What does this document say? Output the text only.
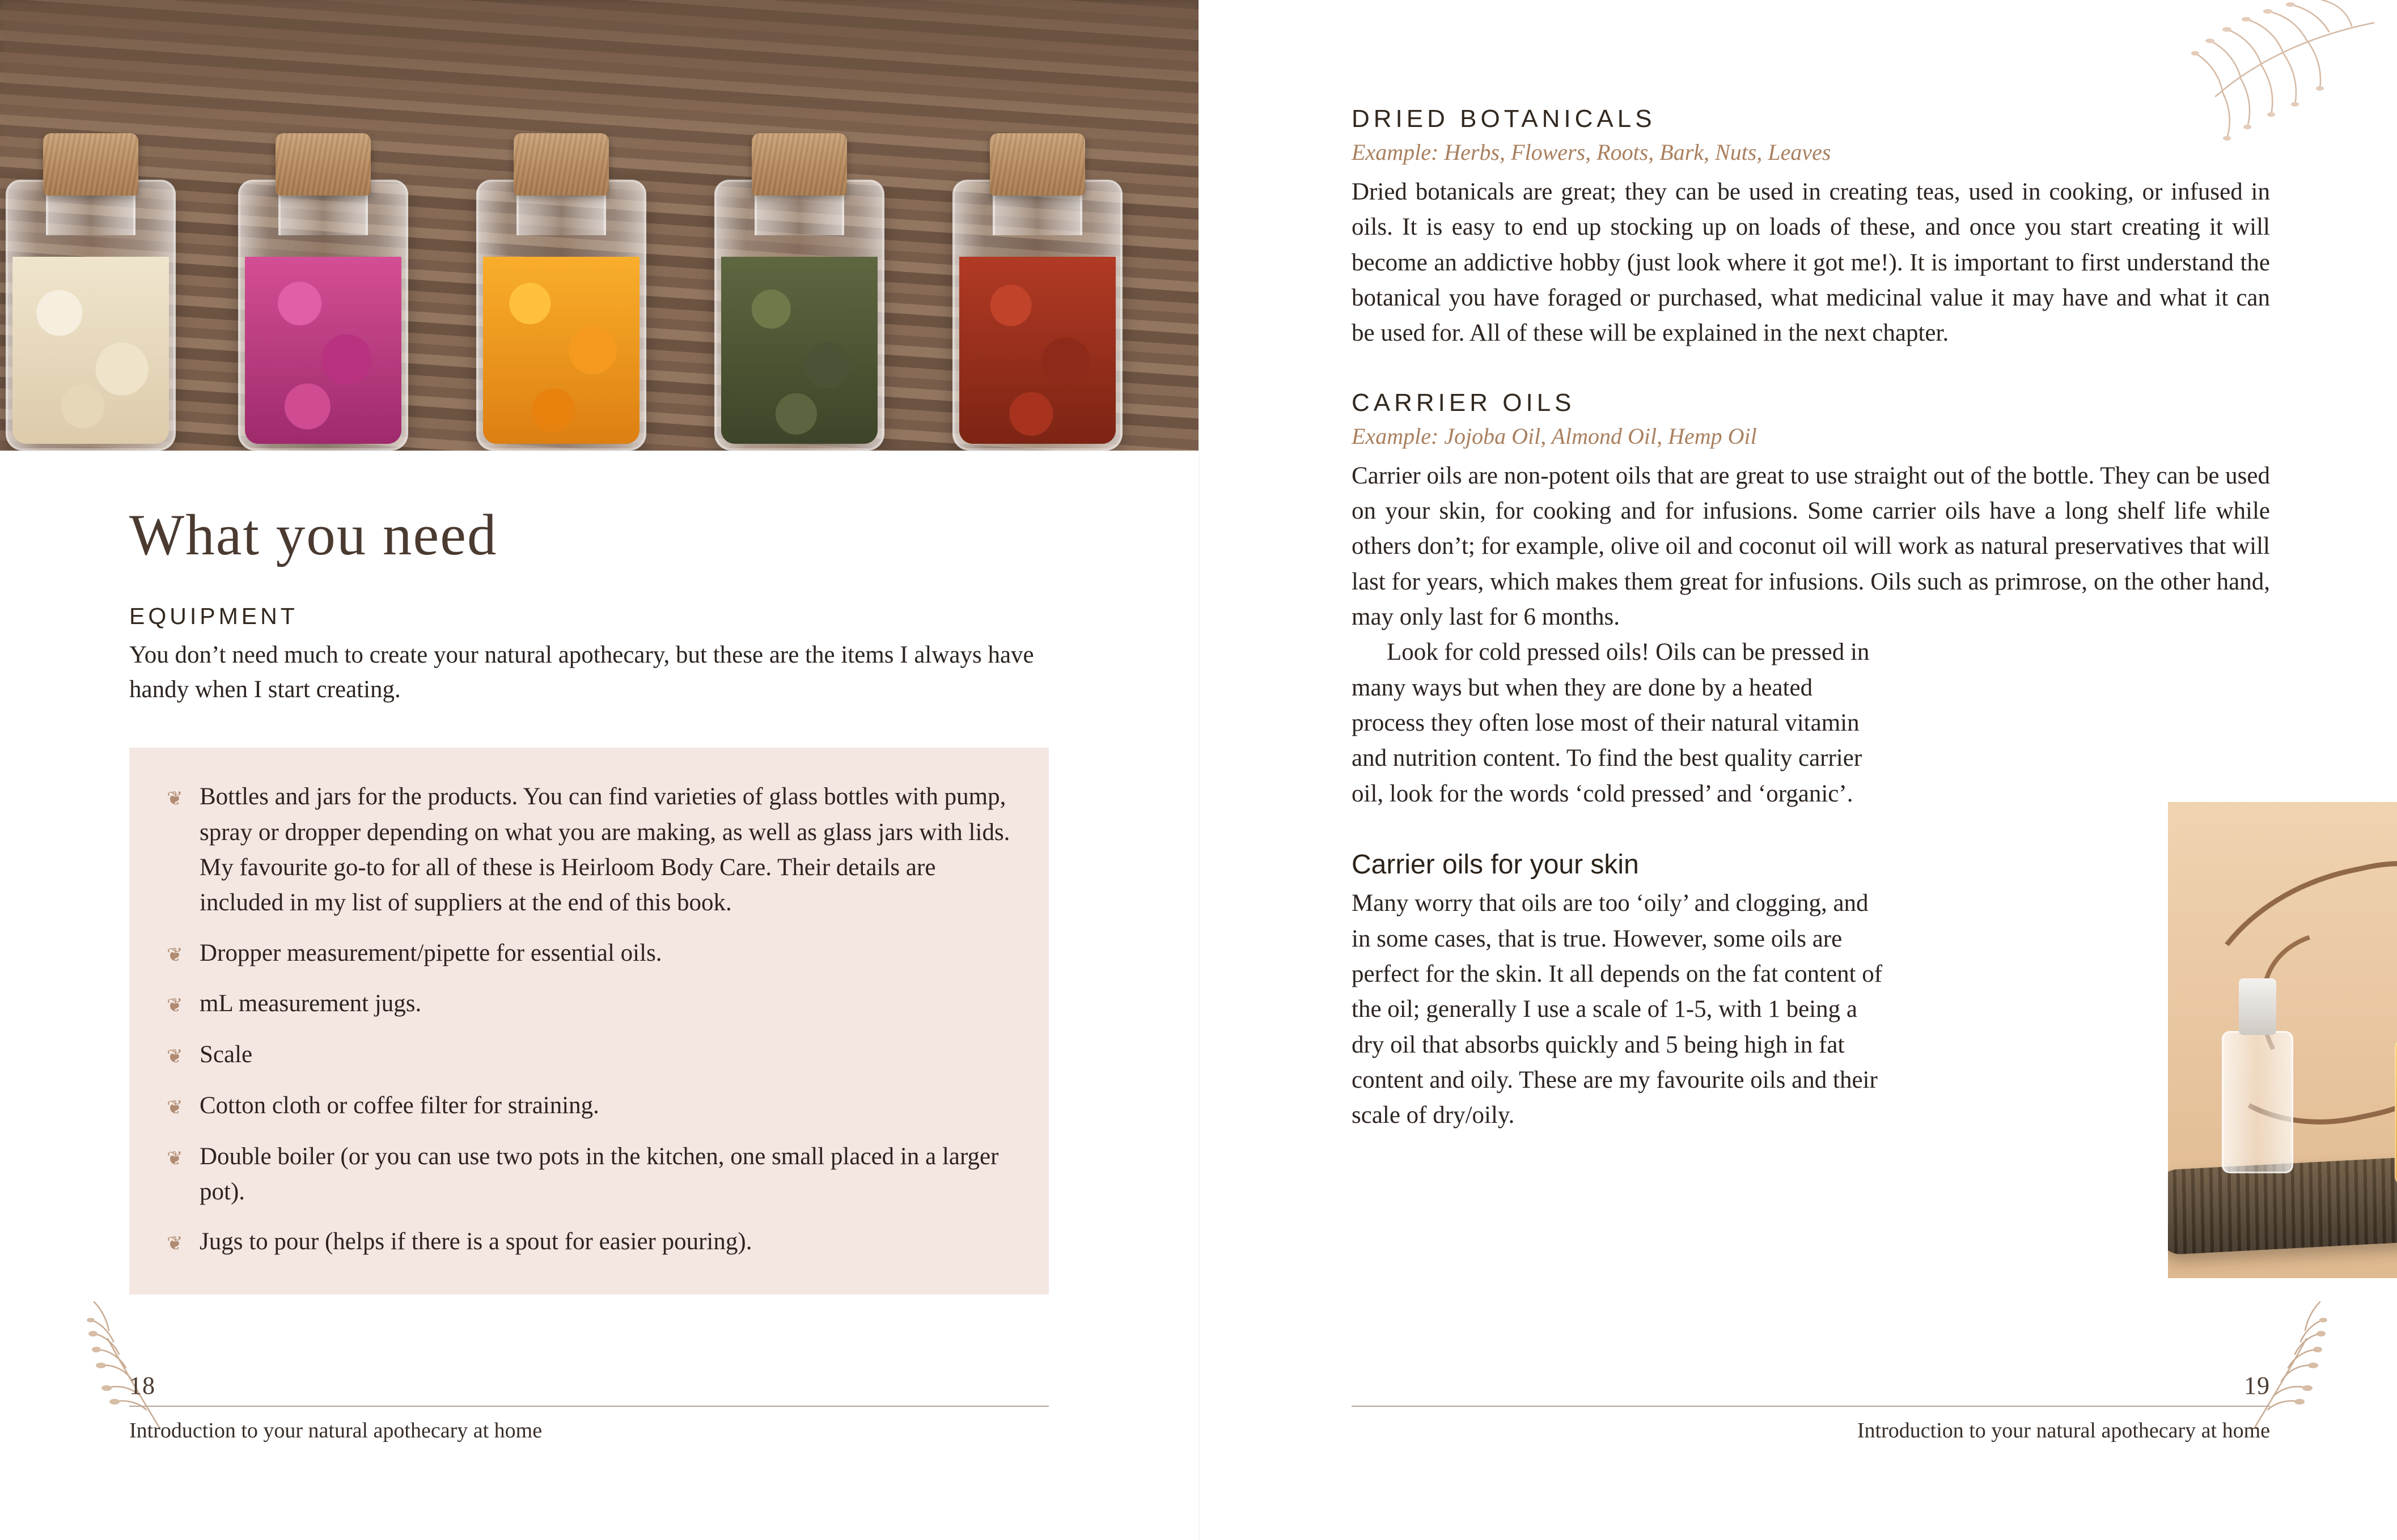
What you need
EQUIPMENT

You don’t need much to create your natural apothecary, but these are the items I always have handy when I start creating.

❦ Bottles and jars for the products. You can find varieties of glass bottles with pump, spray or dropper depending on what you are making, as well as glass jars with lids. My favourite go-to for all of these is Heirloom Body Care. Their details are included in my list of suppliers at the end of this book.
❦ Dropper measurement/pipette for essential oils.
❦ mL measurement jugs.
❦ Scale
❦ Cotton cloth or coffee filter for straining.
❦ Double boiler (or you can use two pots in the kitchen, one small placed in a larger pot).
❦ Jugs to pour (helps if there is a spout for easier pouring).
18
Introduction to your natural apothecary at home
DRIED BOTANICALS
Example: Herbs, Flowers, Roots, Bark, Nuts, Leaves

Dried botanicals are great; they can be used in creating teas, used in cooking, or infused in oils. It is easy to end up stocking up on loads of these, and once you start creating it will become an addictive hobby (just look where it got me!). It is important to first understand the botanical you have foraged or purchased, what medicinal value it may have and what it can be used for. All of these will be explained in the next chapter.

CARRIER OILS
Example: Jojoba Oil, Almond Oil, Hemp Oil

Carrier oils are non-potent oils that are great to use straight out of the bottle. They can be used on your skin, for cooking and for infusions. Some carrier oils have a long shelf life while others don’t; for example, olive oil and coconut oil will work as natural preservatives that will last for years, which makes them great for infusions. Oils such as primrose, on the other hand, may only last for 6 months.

Look for cold pressed oils! Oils can be pressed in many ways but when they are done by a heated process they often lose most of their natural vitamin and nutrition content. To find the best quality carrier oil, look for the words ‘cold pressed’ and ‘organic’.

Carrier oils for your skin

Many worry that oils are too ‘oily’ and clogging, and in some cases, that is true. However, some oils are perfect for the skin. It all depends on the fat content of the oil; generally I use a scale of 1-5, with 1 being a dry oil that absorbs quickly and 5 being high in fat content and oily. These are my favourite oils and their scale of dry/oily.

19
Introduction to your natural apothecary at home
